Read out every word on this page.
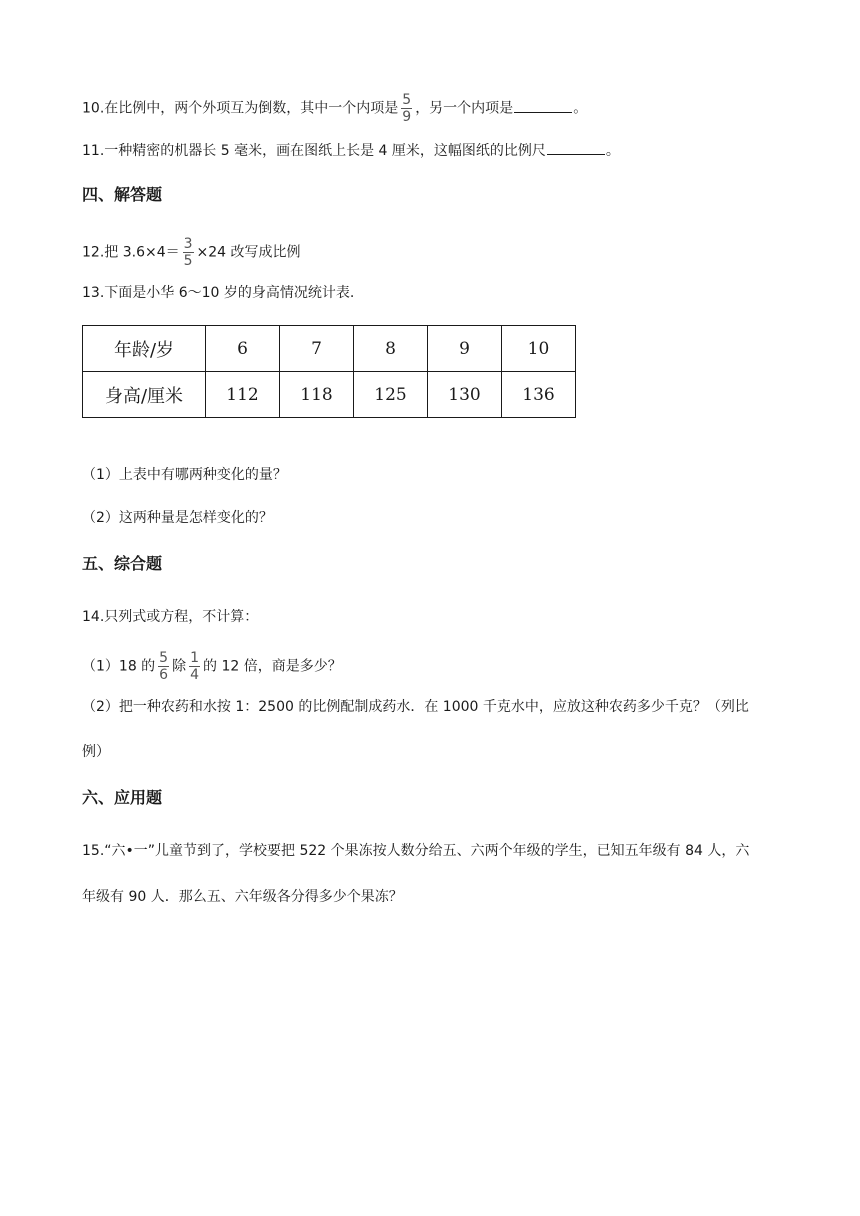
10.在比例中，两个外项互为倒数，其中一个内项是 $\frac{5}{9}$ ，另一个内项是	。
11.一种精密的机器长 5 毫米，画在图纸上长是 4 厘米，这幅图纸的比例尺	。
四、解答题
12.把 $3.6\times 4= \frac{3}{5} \times 24$ 改写成比例
13.下面是小华 6～10 岁的身高情况统计表.
年龄/岁	6	7	8	9	10
身高/厘米	112	118	125	130	136
（1）上表中有哪两种变化的量？
（2）这两种量是怎样变化的？
五、综合题
14.只列式或方程，不计算：
（1）18 的 $\frac{5}{6}$ 除 $\frac{1}{4}$ 的 12 倍，商是多少？
（2）把一种农药和水按 1：2500 的比例配制成药水．在 1000 千克水中，应放这种农药多少千克？（列比
例）
六、应用题
15.“六•一”儿童节到了，学校要把 522 个果冻按人数分给五、六两个年级的学生，已知五年级有 84 人，六
年级有 90 人．那么五、六年级各分得多少个果冻？
